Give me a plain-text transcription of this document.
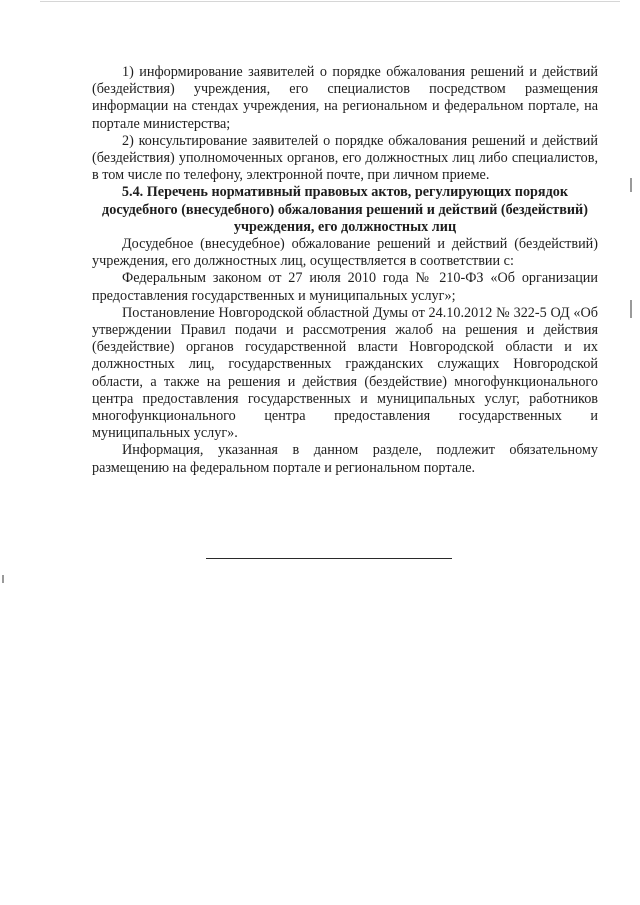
1) информирование заявителей о порядке обжалования решений и действий (бездействия) учреждения, его специалистов посредством размещения информации на стендах учреждения, на региональном и федеральном портале, на портале министерства;

2) консультирование заявителей о порядке обжалования решений и действий (бездействия) уполномоченных органов, его должностных лиц либо специалистов, в том числе по телефону, электронной почте, при личном приеме.

5.4. Перечень нормативный правовых актов, регулирующих порядок досудебного (внесудебного) обжалования решений и действий (бездействий) учреждения, его должностных лиц

Досудебное (внесудебное) обжалование решений и действий (бездействий) учреждения, его должностных лиц, осуществляется в соответствии с:

Федеральным законом от 27 июля 2010 года № 210-ФЗ «Об организации предоставления государственных и муниципальных услуг»;

Постановление Новгородской областной Думы от 24.10.2012 № 322-5 ОД «Об утверждении Правил подачи и рассмотрения жалоб на решения и действия (бездействие) органов государственной власти Новгородской области и их должностных лиц, государственных гражданских служащих Новгородской области, а также на решения и действия (бездействие) многофункционального центра предоставления государственных и муниципальных услуг, работников многофункционального центра предоставления государственных и муниципальных услуг».

Информация, указанная в данном разделе, подлежит обязательному размещению на федеральном портале и региональном портале.
